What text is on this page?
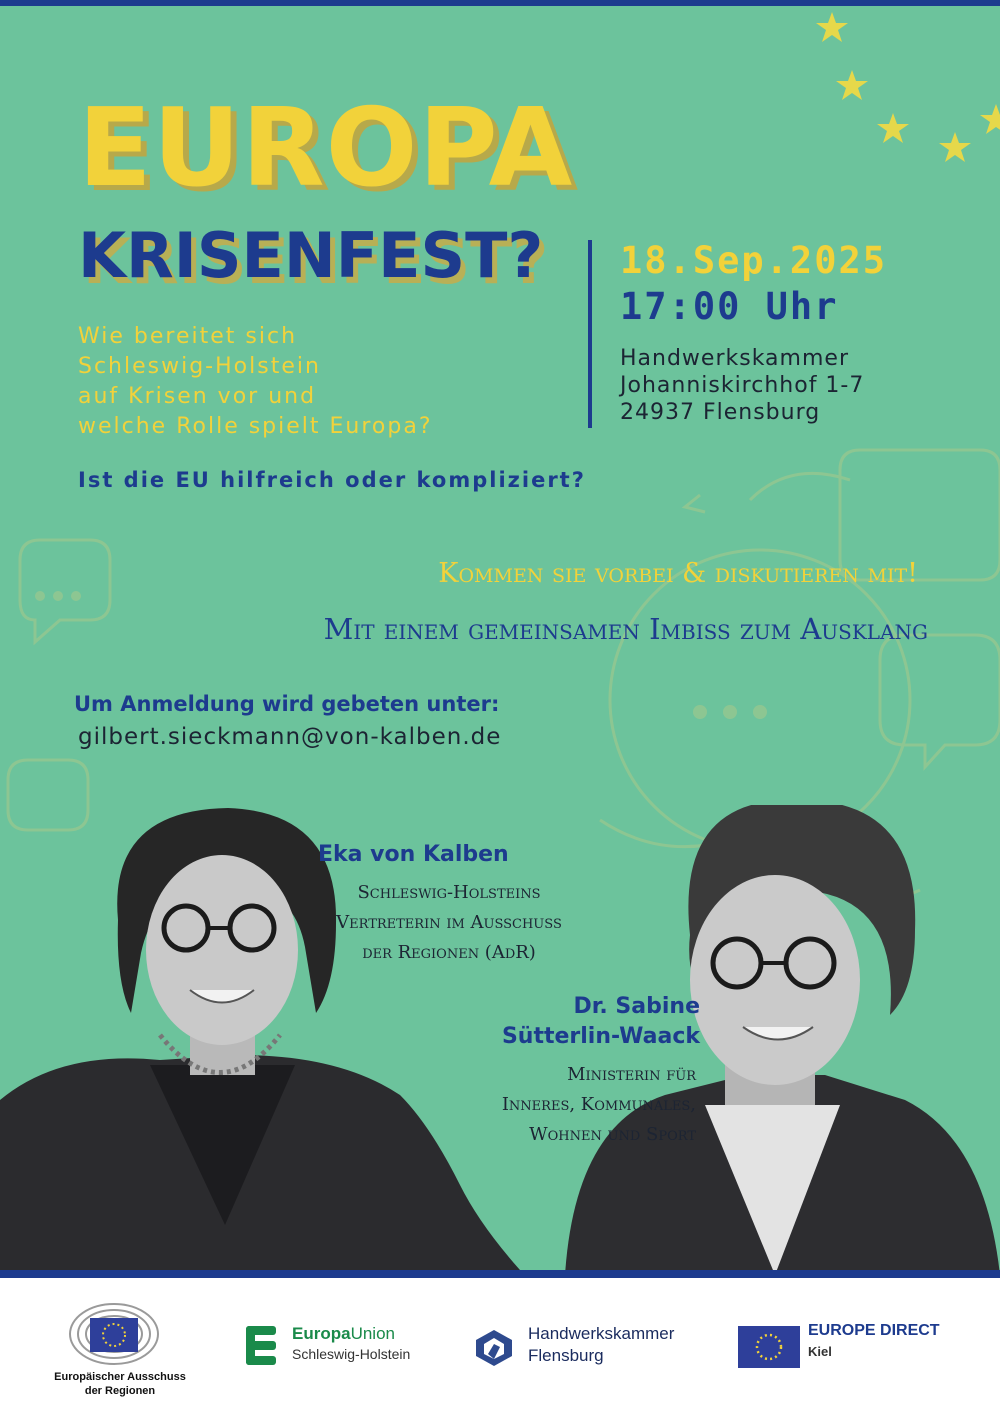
EUROPA
KRISENFEST?
Wie bereitet sich
Schleswig-Holstein
auf Krisen vor und
welche Rolle spielt Europa?
18.Sep.2025
17:00 Uhr
Handwerkskammer
Johanniskirchhof 1-7
24937 Flensburg
Ist die EU hilfreich oder kompliziert?
Kommen sie vorbei & diskutieren mit!
Mit einem gemeinsamen Imbiss zum Ausklang
Um Anmeldung wird gebeten unter:
gilbert.sieckmann@von-kalben.de
Eka von Kalben
Schleswig-Holsteins
Vertreterin im Ausschuss
der Regionen (AdR)
Dr. Sabine
Sütterlin-Waack
Ministerin für
Inneres, Kommunales,
Wohnen und Sport
Europäischer Ausschuss
der Regionen
EuropaUnion
Schleswig-Holstein
Handwerkskammer
Flensburg
EUROPE DIRECT
Kiel
